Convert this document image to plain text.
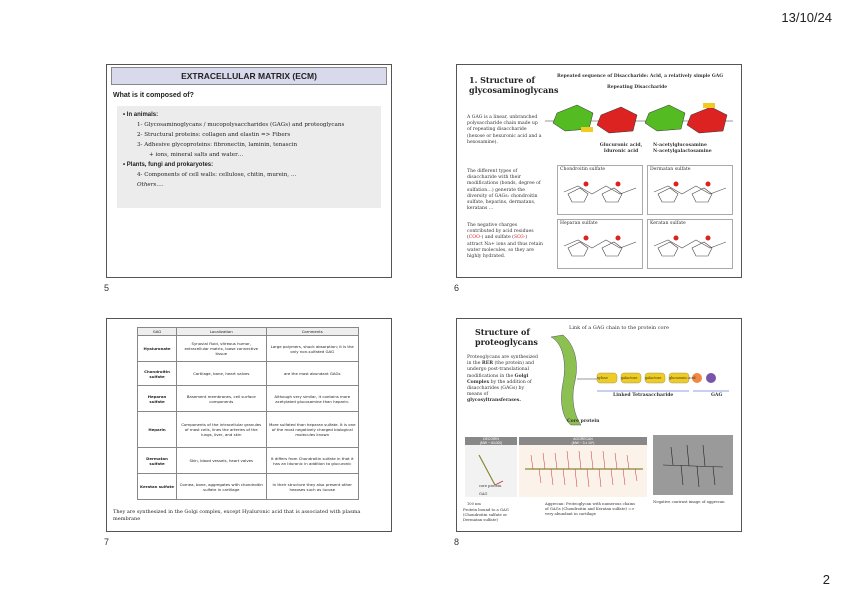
13/10/24
2
EXTRACELLULAR MATRIX (ECM)
What is it composed of?
• In animals:
1- Glycosaminoglycans / mucopolysaccharides (GAGs) and proteoglycans
2- Structural proteins: collagen and elastin => Fibers
3- Adhesive glycoproteins: fibronectin, laminin, tenascin
+ ions, mineral salts and water…
• Plants, fungi and prokaryotes:
4- Components of cell walls: cellulose, chitin, murein, …
Others….
5
1. Structure of glycosaminoglycans
Repeated sequence of Disaccharide: Acid, a relatively simple GAG
Repeating Disaccharide
Glucuronic acid, Iduronic acid
N-acetylglucosamine
N-acetylgalactosamine
A GAG is a linear, unbranched polysaccharide chain made up of repeating disaccharide (hexose or hexuronic acid and a hexosamine).
The different types of disaccharide with their modifications (bonds, degree of sulfation…) generate the diversity of GAGs: chondroitin sulfate, heparins, dermatans, keratans …
The negative charges contributed by acid residues (COO-) and sulfate (SO3-) attract Na+ ions and thus retain water molecules, so they are highly hydrated.
Chondroitin sulfate	Dermatan sulfate
Heparan sulfate	Keratan sulfate
6
GAG	Localization	Comments
Hyaluronate	Synovial fluid, vitreous humor, extracellular matrix, loose connective tissue	Large polymers, shock absorption; it is the only non-sulfated GAG
Chondroitin sulfate	Cartilage, bone, heart valves	are the most abundant GAGs
Heparan sulfate	Basement membranes, cell surface components	Although very similar, it contains more acetylated glucosamine than heparin.
Heparin	Components of the intracellular granules of mast cells, lines the arteries of the lungs, liver, and skin	More sulfated than heparan sulfate. It is one of the most negatively charged biological molecules known
Dermatan sulfate	Skin, blood vessels, heart valves	It differs from Chondroitin sulfate in that it has an Iduronic in addition to glucuronic
Keratan sulfate	Cornea, bone, aggregates with chondroitin sulfate in cartilage	In their structure they also present other hexoses such as lucose
They are synthesized in the Golgi complex, except Hyaluronic acid that is associated with plasma membrane
7
Structure of proteoglycans
Link of a GAG chain to the protein core
Proteoglycans are synthesized in the RER (the protein) and undergo post-translational modifications in the Golgi Complex by the addition of disaccharides (GAGs) by means of glycosyltransferases.
xylose	galactose galactose glucuronic acid
Linked Tetrasaccharide	GAG
Core protein
DECORIN
(MW ~ 40,000)
AGGRECAN
(MW ~ 3 x 10⁶)
core protein
GAG
100 nm
Protein bound to a GAG (Chondroitin sulfate or Dermatan sulfate)
Aggrecan: Proteoglycan with numerous chains of GAGs (Chondroitin and Keratan sulfate) => very abundant in cartilage
Negative contrast image of aggrecan
8
